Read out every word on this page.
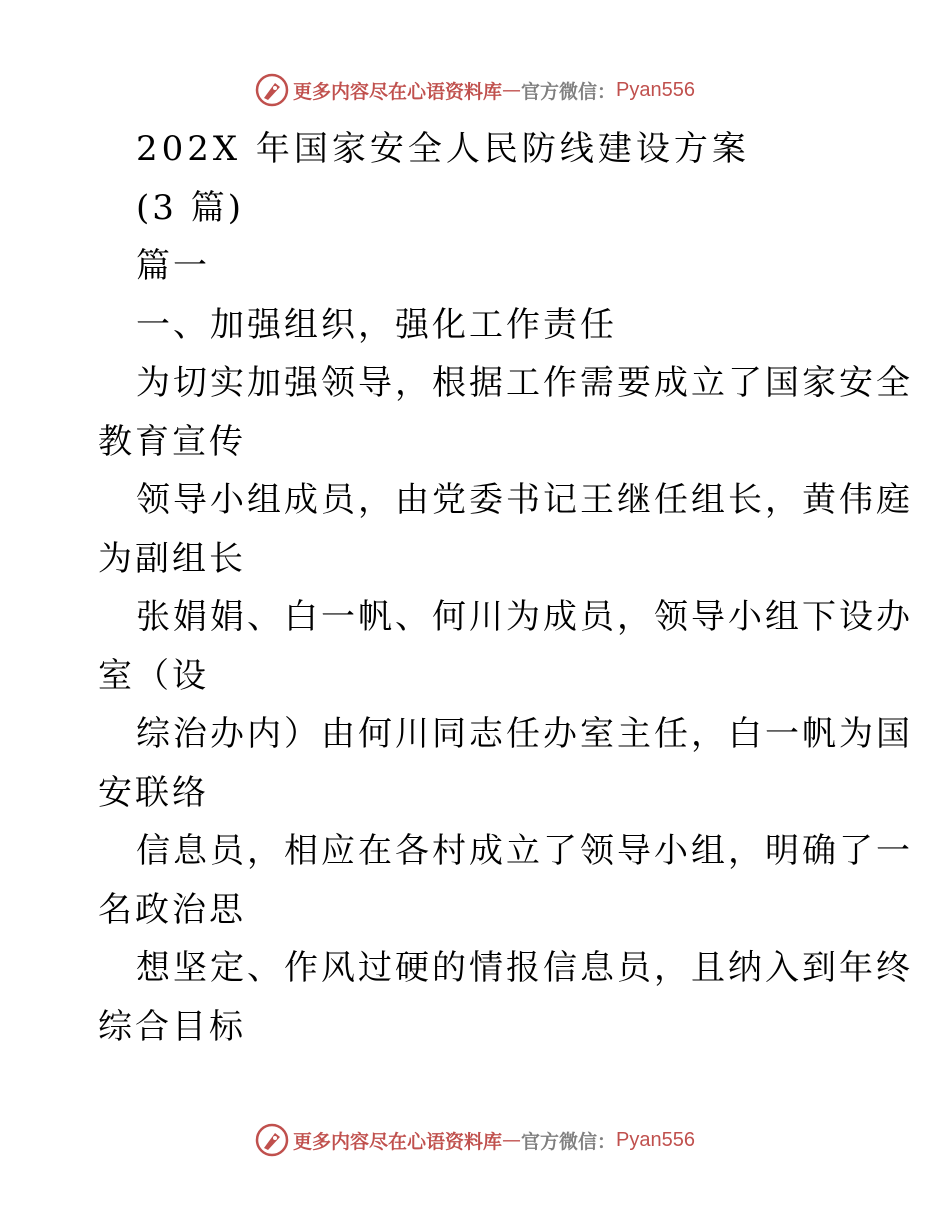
更多内容尽在心语资料库 — 官方微信： Pyan556
202X 年国家安全人民防线建设方案
(3 篇)
篇一
一、加强组织，强化工作责任
为切实加强领导，根据工作需要成立了国家安全
教育宣传
领导小组成员，由党委书记王继任组长，黄伟庭
为副组长
张娟娟、白一帆、何川为成员，领导小组下设办
室（设
综治办内）由何川同志任办室主任，白一帆为国
安联络
信息员，相应在各村成立了领导小组，明确了一
名政治思
想坚定、作风过硬的情报信息员，且纳入到年终
综合目标
更多内容尽在心语资料库 — 官方微信： Pyan556
